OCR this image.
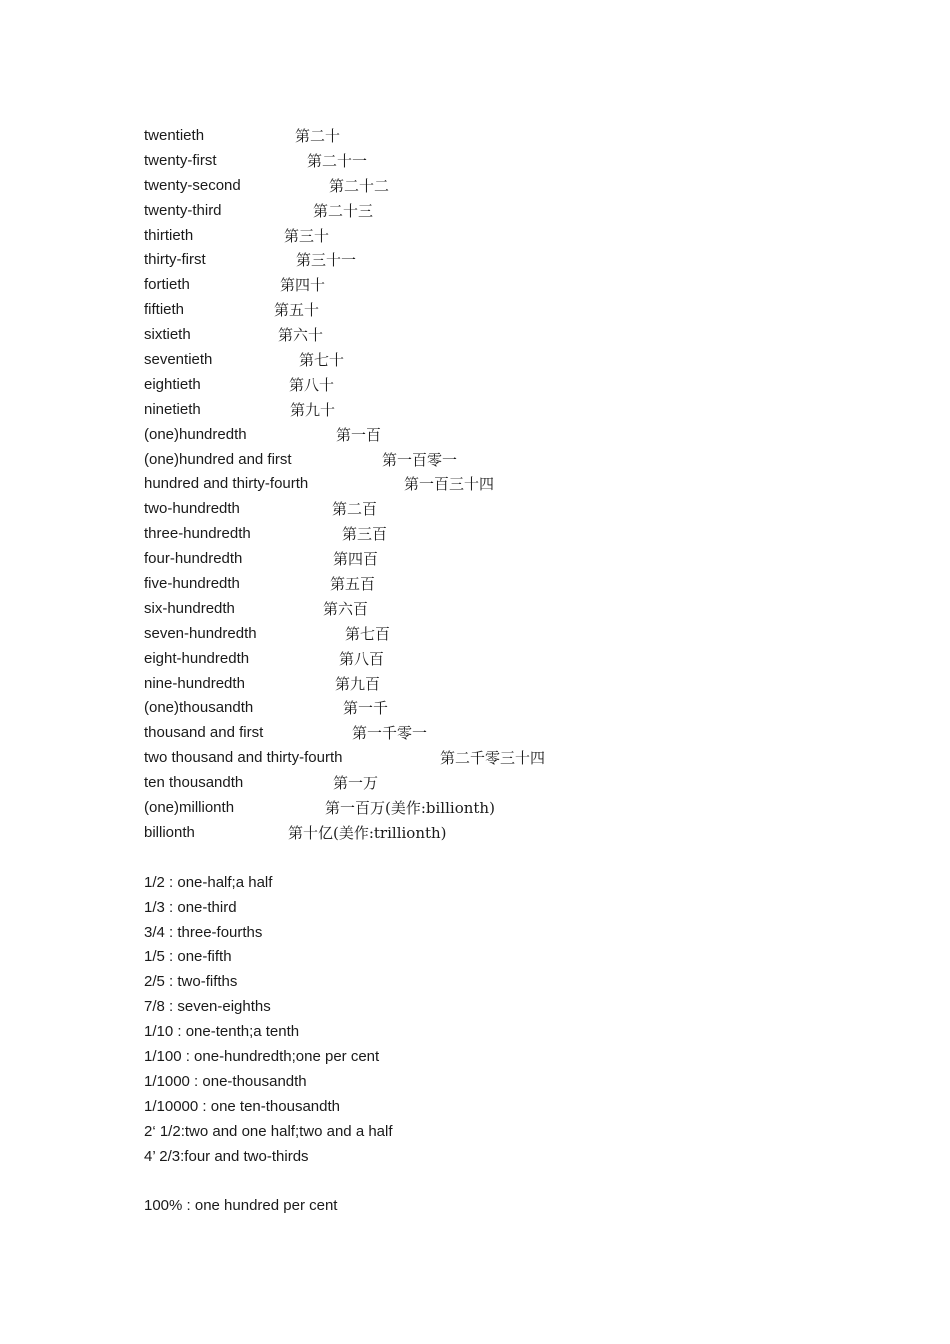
twentieth	第二十
twenty-first	第二十一
twenty-second	第二十二
twenty-third	第二十三
thirtieth	第三十
thirty-first	第三十一
fortieth	第四十
fiftieth	第五十
sixtieth	第六十
seventieth	第七十
eightieth	第八十
ninetieth	第九十
(one)hundredth	第一百
(one)hundred and first	第一百零一
hundred and thirty-fourth	第一百三十四
two-hundredth	第二百
three-hundredth	第三百
four-hundredth	第四百
five-hundredth	第五百
six-hundredth	第六百
seven-hundredth	第七百
eight-hundredth	第八百
nine-hundredth	第九百
(one)thousandth	第一千
thousand and first	第一千零一
two thousand and thirty-fourth	第二千零三十四
ten thousandth	第一万
(one)millionth	第一百万(美作:billionth)
billionth	第十亿(美作:trillionth)
1/2 : one-half;a half
1/3 : one-third
3/4 : three-fourths
1/5 : one-fifth
2/5 : two-fifths
7/8 : seven-eighths
1/10 : one-tenth;a tenth
1/100 : one-hundredth;one per cent
1/1000 : one-thousandth
1/10000 : one ten-thousandth
2‘ 1/2:two and one half;two and a half
4’ 2/3:four and two-thirds
100% : one hundred per cent
